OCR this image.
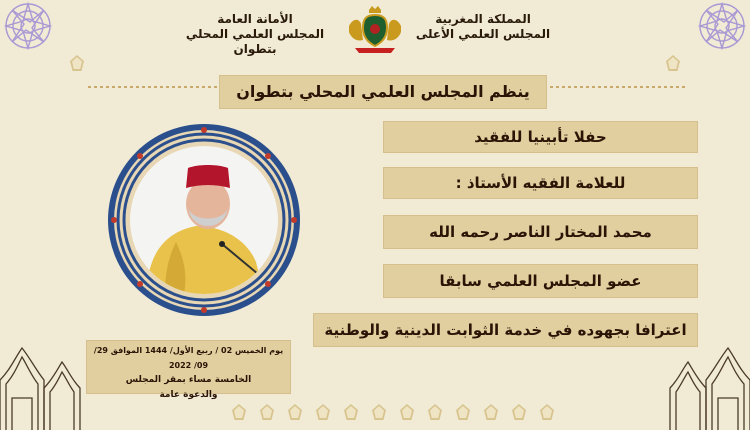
الأمانة العامة
المجلس العلمي المحلي بتطوان
المملكة المغربية
المجلس العلمي الأعلى
ينظم المجلس العلمي المحلي بتطوان
حفلا تأبينيا للفقيد
للعلامة الفقيه الأستاذ :
محمد المختار الناصر رحمه الله
عضو المجلس العلمي سابقا
اعترافا بجهوده في خدمة الثوابت الدينية والوطنية
يوم الخميس 02 / ربيع الأول/ 1444 الموافق 29/ 09/ 2022
الخامسة مساء بمقر المجلس
والدعوة عامة
